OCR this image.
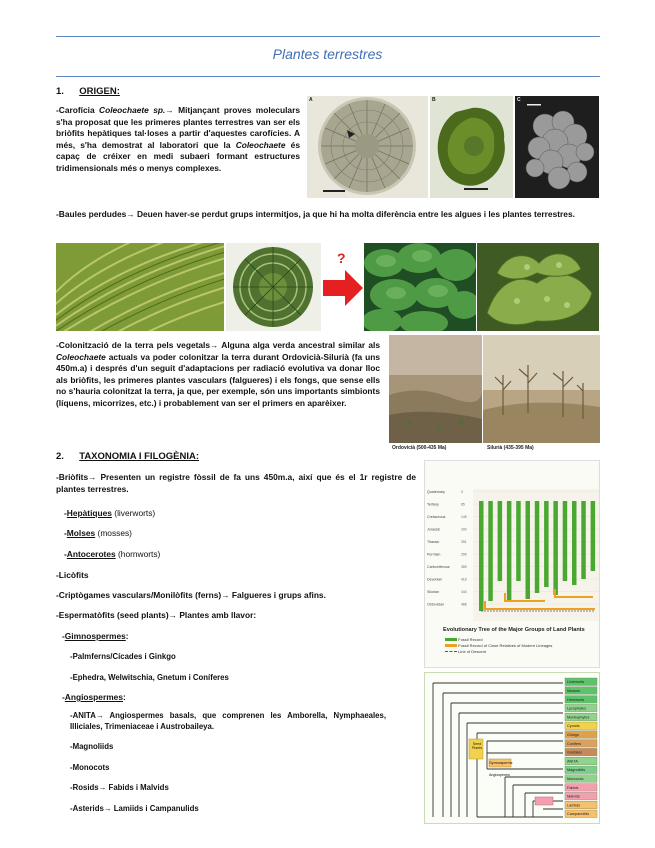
Plantes terrestres
1. ORIGEN:
-Carofícia Coleochaete sp.→ Mitjançant proves moleculars s'ha proposat que les primeres plantes terrestres van ser els briòfits hepàtiques tal·loses a partir d'aquestes carofícies. A més, s'ha demostrat al laboratori que la Coleochaete és capaç de créixer en medi subaeri formant estructures tridimensionals més o menys complexes.
A	B	C
-Baules perdudes→ Deuen haver-se perdut grups intermitjos, ja que hi ha molta diferència entre les algues i les plantes terrestres.
?
-Colonització de la terra pels vegetals→ Alguna alga verda ancestral similar als Coleochaete actuals va poder colonitzar la terra durant Ordovicià-Silurià (fa uns 450m.a) i després d'un seguit d'adaptacions per radiació evolutiva va donar lloc als briòfits, les primeres plantes vasculars (falgueres) i els fongs, que sense ells no s'hauria colonitzat la terra, ja que, per exemple, són uns importants simbionts (líquens, micorrizes, etc.) i probablement van ser el primers en aparèixer.
Ordovicià (500-435 Ma)	Silurià (435-395 Ma)
2. TAXONOMIA I FILOGÈNIA:
-Briòfits→ Presenten un registre fòssil de fa uns 450m.a, així que és el 1r registre de plantes terrestres.
-Hepàtiques (liverworts)
-Molses (mosses)
-Antocerotes (hornworts)
-Licòfits
-Criptògames vasculars/Monilòfits (ferns)→ Falgueres i grups afins.
-Espermatòfits (seed plants)→ Plantes amb llavor:
-Gimnospermes:
-Palmferns/Cícades i Ginkgo
-Ephedra, Welwitschia, Gnetum i Coníferes
-Angiospermes:
-ANITA→ Angiospermes basals, que comprenen les Amborella, Nymphaeales, Illiciales, Trimeniaceae i Austrobaileya.
-Magnoliids
-Monocots
-Rosids→ Fabids i Malvids
-Asterids→ Lamiids i Campanulids
Quaternary	0
Tertiary	65
Cretaceous	145
Jurassic	200
Triassic	251
Permian	299
Carboniferous	359
Devonian	416
Silurian	444
Ordovician	488
Evolutionary Tree of the Major Groups of Land Plants
Fossil Record
Fossil Record of Close Relatives of Modern Lineages
Line of Descent
Liverworts
Mosses
Hornworts
Lycophytes
Monilophytes
Cycads
Ginkgo
Conifers
Gnetales
ANITA
Magnoliids
Monocots
Fabids
Malvids
Lamiids
Campanulids
Seed Plants
Gymnosperms
Angiosperms
